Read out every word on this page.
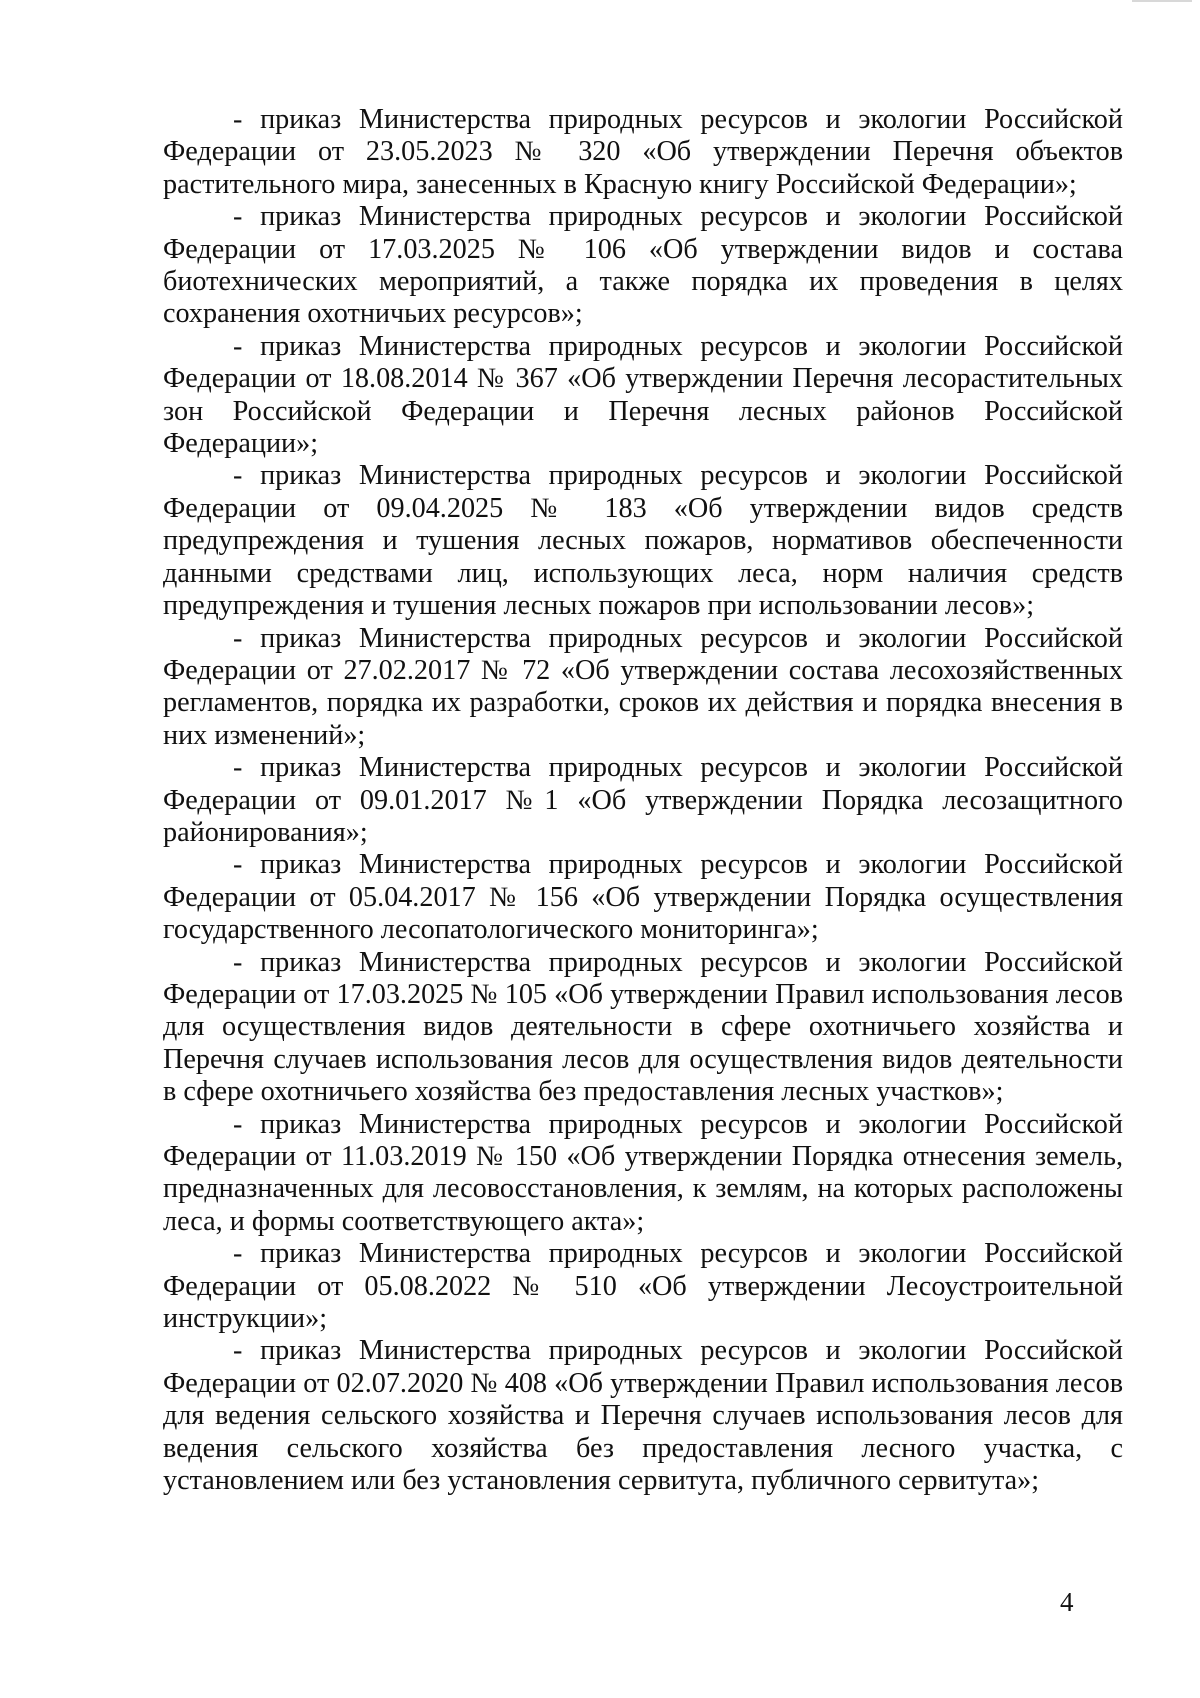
- приказ Министерства природных ресурсов и экологии Российской Федерации от 23.05.2023 № 320 «Об утверждении Перечня объектов растительного мира, занесенных в Красную книгу Российской Федерации»;

- приказ Министерства природных ресурсов и экологии Российской Федерации от 17.03.2025 № 106 «Об утверждении видов и состава биотехнических мероприятий, а также порядка их проведения в целях сохранения охотничьих ресурсов»;

- приказ Министерства природных ресурсов и экологии Российской Федерации от 18.08.2014 № 367 «Об утверждении Перечня лесорастительных зон Российской Федерации и Перечня лесных районов Российской Федерации»;

- приказ Министерства природных ресурсов и экологии Российской Федерации от 09.04.2025 № 183 «Об утверждении видов средств предупреждения и тушения лесных пожаров, нормативов обеспеченности данными средствами лиц, использующих леса, норм наличия средств предупреждения и тушения лесных пожаров при использовании лесов»;

- приказ Министерства природных ресурсов и экологии Российской Федерации от 27.02.2017 № 72 «Об утверждении состава лесохозяйственных регламентов, порядка их разработки, сроков их действия и порядка внесения в них изменений»;

- приказ Министерства природных ресурсов и экологии Российской Федерации от 09.01.2017 №1 «Об утверждении Порядка лесозащитного районирования»;

- приказ Министерства природных ресурсов и экологии Российской Федерации от 05.04.2017 № 156 «Об утверждении Порядка осуществления государственного лесопатологического мониторинга»;

- приказ Министерства природных ресурсов и экологии Российской Федерации от 17.03.2025 № 105 «Об утверждении Правил использования лесов для осуществления видов деятельности в сфере охотничьего хозяйства и Перечня случаев использования лесов для осуществления видов деятельности в сфере охотничьего хозяйства без предоставления лесных участков»;

- приказ Министерства природных ресурсов и экологии Российской Федерации от 11.03.2019 № 150 «Об утверждении Порядка отнесения земель, предназначенных для лесовосстановления, к землям, на которых расположены леса, и формы соответствующего акта»;

- приказ Министерства природных ресурсов и экологии Российской Федерации от 05.08.2022 № 510 «Об утверждении Лесоустроительной инструкции»;

- приказ Министерства природных ресурсов и экологии Российской Федерации от 02.07.2020 № 408 «Об утверждении Правил использования лесов для ведения сельского хозяйства и Перечня случаев использования лесов для ведения сельского хозяйства без предоставления лесного участка, с установлением или без установления сервитута, публичного сервитута»;

4
